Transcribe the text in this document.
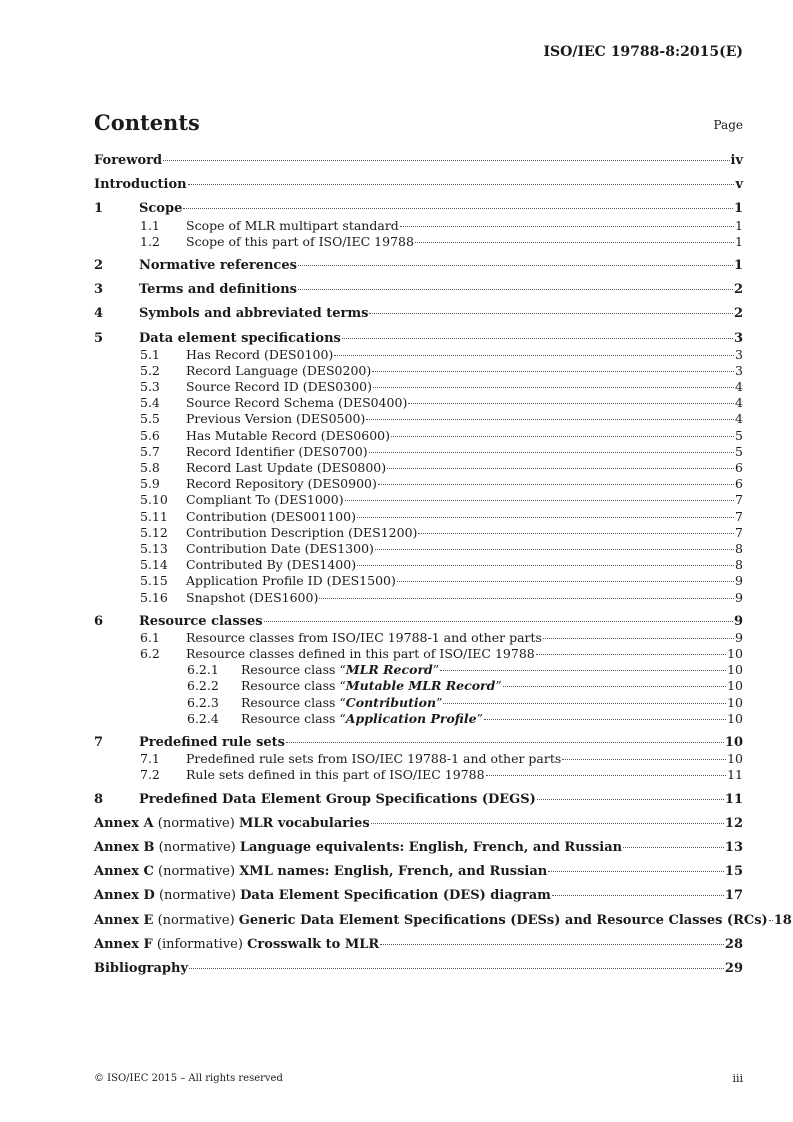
ISO/IEC 19788-8:2015(E)
Contents	Page
Foreword	iv
Introduction	v
1	Scope	1
1.1	Scope of MLR multipart standard	1
1.2	Scope of this part of ISO/IEC 19788	1
2	Normative references	1
3	Terms and definitions	2
4	Symbols and abbreviated terms	2
5	Data element specifications	3
5.1	Has Record (DES0100)	3
5.2	Record Language (DES0200)	3
5.3	Source Record ID (DES0300)	4
5.4	Source Record Schema (DES0400)	4
5.5	Previous Version (DES0500)	4
5.6	Has Mutable Record (DES0600)	5
5.7	Record Identifier (DES0700)	5
5.8	Record Last Update (DES0800)	6
5.9	Record Repository (DES0900)	6
5.10	Compliant To (DES1000)	7
5.11	Contribution (DES001100)	7
5.12	Contribution Description (DES1200)	7
5.13	Contribution Date (DES1300)	8
5.14	Contributed By (DES1400)	8
5.15	Application Profile ID (DES1500)	9
5.16	Snapshot (DES1600)	9
6	Resource classes	9
6.1	Resource classes from ISO/IEC 19788-1 and other parts	9
6.2	Resource classes defined in this part of ISO/IEC 19788	10
6.2.1	Resource class “MLR Record”	10
6.2.2	Resource class “Mutable MLR Record”	10
6.2.3	Resource class “Contribution”	10
6.2.4	Resource class “Application Profile”	10
7	Predefined rule sets	10
7.1	Predefined rule sets from ISO/IEC 19788-1 and other parts	10
7.2	Rule sets defined in this part of ISO/IEC 19788	11
8	Predefined Data Element Group Specifications (DEGS)	11
Annex A (normative) MLR vocabularies	12
Annex B (normative) Language equivalents: English, French, and Russian	13
Annex C (normative) XML names: English, French, and Russian	15
Annex D (normative) Data Element Specification (DES) diagram	17
Annex E (normative) Generic Data Element Specifications (DESs) and Resource Classes (RCs) 18
Annex F (informative) Crosswalk to MLR	28
Bibliography	29
© ISO/IEC 2015 – All rights reserved	iii
